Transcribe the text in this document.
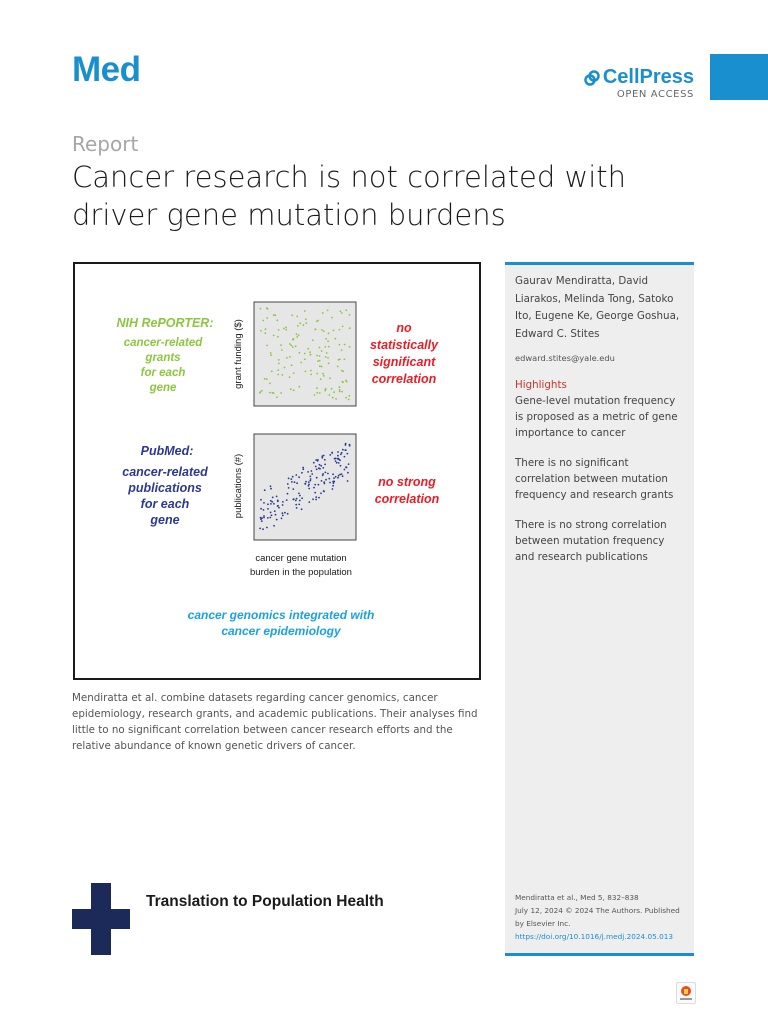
Med	CellPress
OPEN ACCESS
Report
Cancer research is not correlated with driver gene mutation burdens
NIH RePORTER:
cancer-related
grants
for each
gene
no
statistically
significant
correlation
PubMed:
cancer-related
publications
for each
gene
no strong
correlation
cancer genomics integrated with
cancer epidemiology
grant funding ($)
publications (#)
cancer gene mutation
burden in the population
Mendiratta et al. combine datasets regarding cancer genomics, cancer epidemiology, research grants, and academic publications. Their analyses find little to no significant correlation between cancer research efforts and the relative abundance of known genetic drivers of cancer.
Gaurav Mendiratta, David Liarakos, Melinda Tong, Satoko Ito, Eugene Ke, George Goshua, Edward C. Stites
edward.stites@yale.edu
Highlights
Gene-level mutation frequency is proposed as a metric of gene importance to cancer
There is no significant correlation between mutation frequency and research grants
There is no strong correlation between mutation frequency and research publications
Mendiratta et al., Med 5, 832–838
July 12, 2024 © 2024 The Authors. Published by Elsevier Inc.
https://doi.org/10.1016/j.medj.2024.05.013
Translation to Population Health
